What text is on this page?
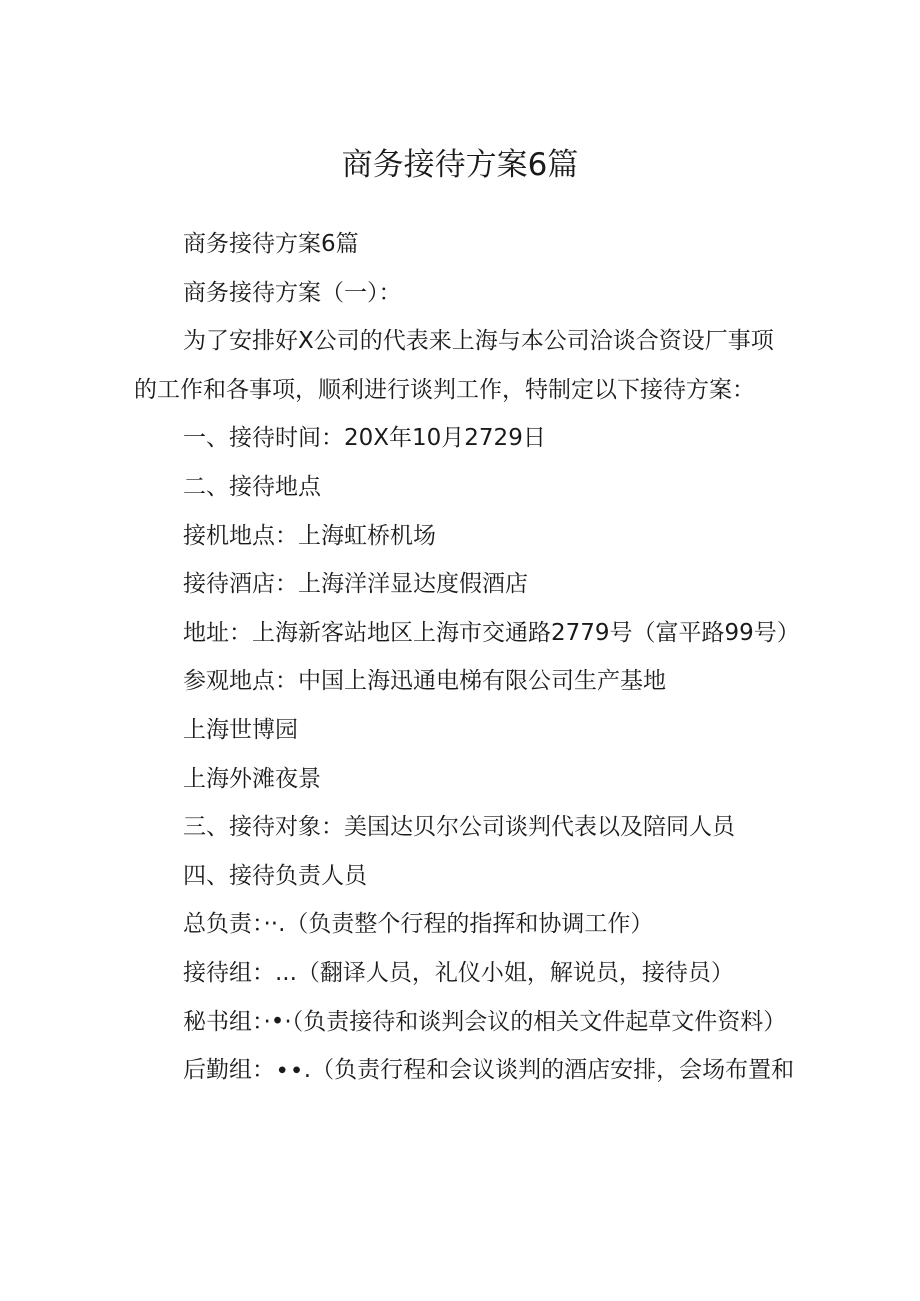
商务接待方案6篇

商务接待方案6篇

商务接待方案（一）：

为了安排好X公司的代表来上海与本公司洽谈合资设厂事项的工作和各事项，顺利进行谈判工作，特制定以下接待方案：

一、接待时间：20X年10月2729日

二、接待地点

接机地点：上海虹桥机场

接待酒店：上海洋洋显达度假酒店

地址：上海新客站地区上海市交通路2779号（富平路99号）

参观地点：中国上海迅通电梯有限公司生产基地

上海世博园

上海外滩夜景

三、接待对象：美国达贝尔公司谈判代表以及陪同人员

四、接待负责人员

总负责：··.（负责整个行程的指挥和协调工作）

接待组：...（翻译人员，礼仪小姐，解说员，接待员）

秘书组：·•·（负责接待和谈判会议的相关文件起草文件资料）

后勤组：∙∙.（负责行程和会议谈判的酒店安排，会场布置和
